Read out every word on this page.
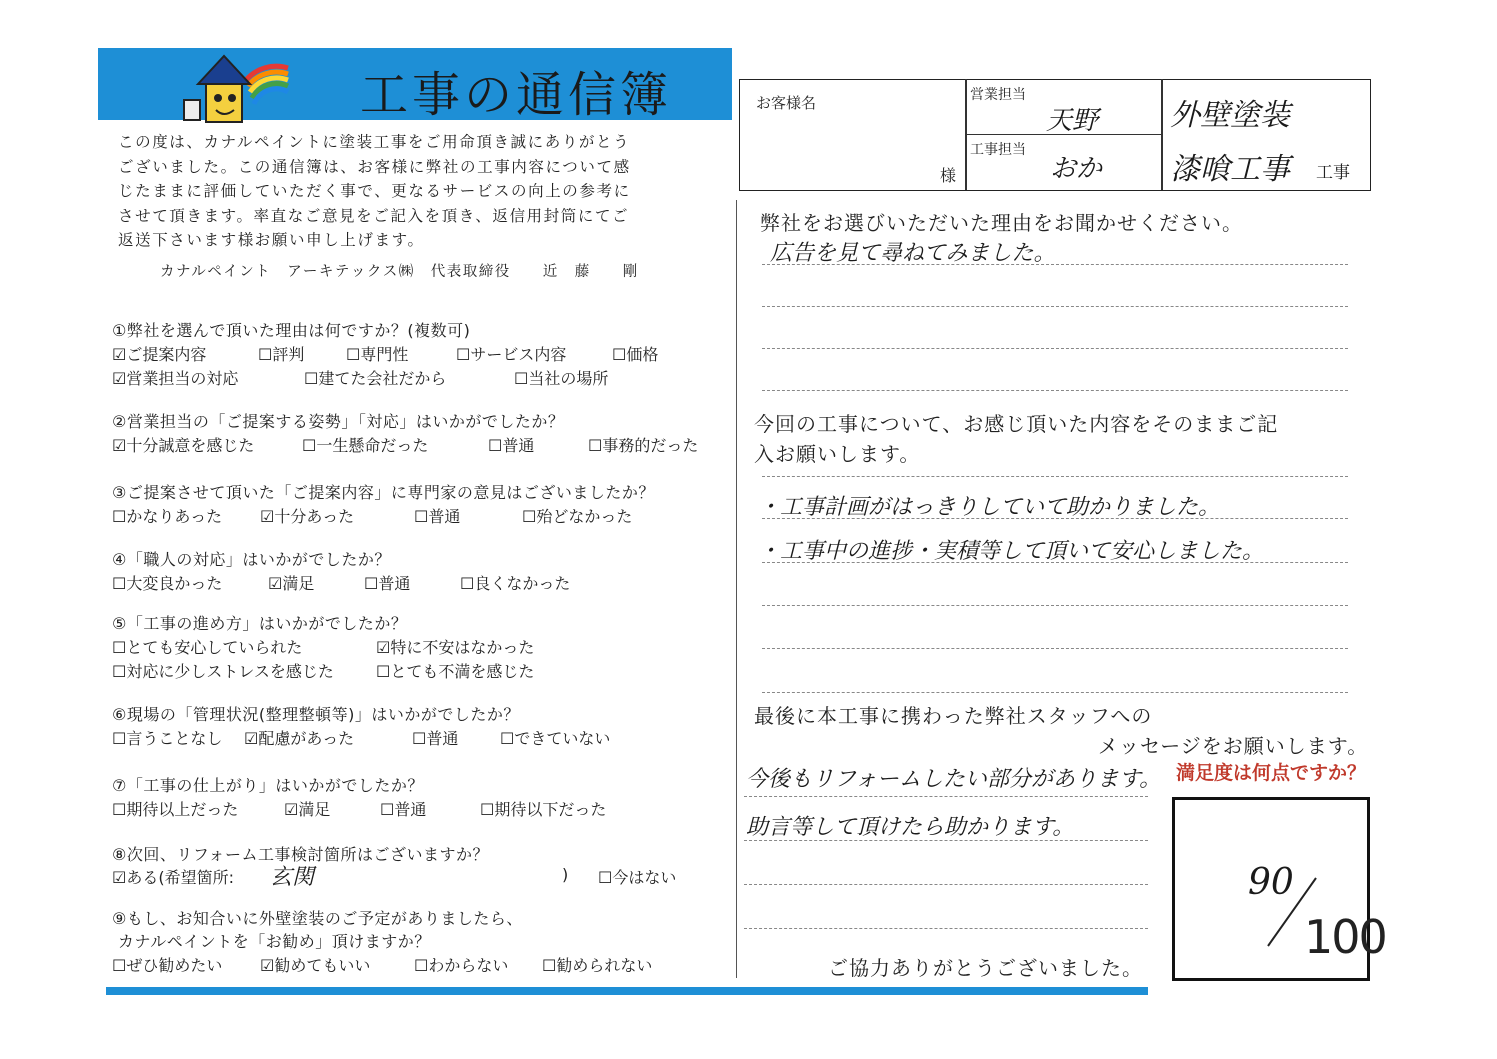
工事の通信簿
この度は、カナルペイントに塗装工事をご用命頂き誠にありがとう
ございました。この通信簿は、お客様に弊社の工事内容について感
じたままに評価していただく事で、更なるサービスの向上の参考に
させて頂きます。率直なご意見をご記入を頂き、返信用封筒にてご
返送下さいます様お願い申し上げます。
カナルペイント　アーキテックス㈱　代表取締役　　近　藤　　剛
①弊社を選んで頂いた理由は何ですか？(複数可)
☑ご提案内容	☐評判	☐専門性	☐サービス内容	☐価格
☑営業担当の対応	☐建てた会社だから	☐当社の場所
②営業担当の「ご提案する姿勢」「対応」はいかがでしたか？
☑十分誠意を感じた	☐一生懸命だった	☐普通	☐事務的だった
③ご提案させて頂いた「ご提案内容」に専門家の意見はございましたか？
☐かなりあった ☑十分あった	☐普通	☐殆どなかった
④「職人の対応」はいかがでしたか？
☐大変良かった	☑満足	☐普通	☐良くなかった
⑤「工事の進め方」はいかがでしたか？
☐とても安心していられた	☑特に不安はなかった
☐対応に少しストレスを感じた	☐とても不満を感じた
⑥現場の「管理状況(整理整頓等)」はいかがでしたか？
☐言うことなし ☑配慮があった	☐普通	☐できていない
⑦「工事の仕上がり」はいかがでしたか？
☐期待以上だった	☑満足	☐普通	☐期待以下だった
⑧次回、リフォーム工事検討箇所はございますか？
☑ある(希望箇所: 玄関	) ☐今はない
⑨もし、お知合いに外壁塗装のご予定がありましたら、
カナルペイントを「お勧め」頂けますか？
☐ぜひ勧めたい ☑勧めてもいい	☐わからない ☐勧められない
お客様名
様
営業担当
天野
工事担当
おか
外壁塗装
漆喰工事 工事
弊社をお選びいただいた理由をお聞かせください。
広告を見て尋ねてみました。
今回の工事について、お感じ頂いた内容をそのままご記
入お願いします。
・工事計画がはっきりしていて助かりました。
・工事中の進捗・実積等して頂いて安心しました。
最後に本工事に携わった弊社スタッフへの
メッセージをお願いします。
今後もリフォームしたい部分があります。
助言等して頂けたら助かります。
満足度は何点ですか？
90
100
ご協力ありがとうございました。
